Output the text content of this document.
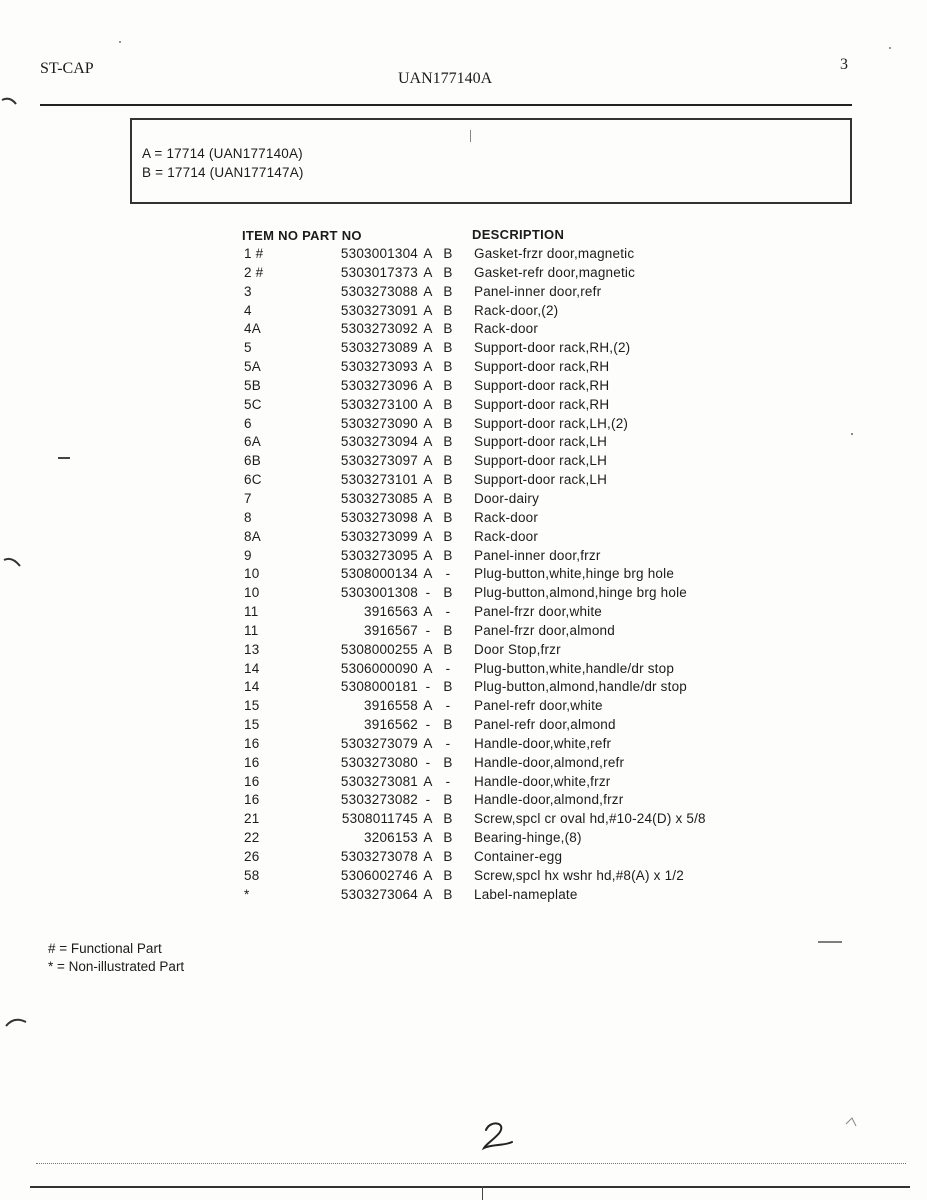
ST-CAP
UAN177140A
3
A = 17714 (UAN177140A)
B = 17714 (UAN177147A)
ITEM NO PART NO	DESCRIPTION
1 #	5303001304 A B Gasket-frzr door,magnetic
2 #	5303017373 A B Gasket-refr door,magnetic
3	5303273088 A B Panel-inner door,refr
4	5303273091 A B Rack-door,(2)
4A	5303273092 A B Rack-door
5	5303273089 A B Support-door rack,RH,(2)
5A	5303273093 A B Support-door rack,RH
5B	5303273096 A B Support-door rack,RH
5C	5303273100 A B Support-door rack,RH
6	5303273090 A B Support-door rack,LH,(2)
6A	5303273094 A B Support-door rack,LH
6B	5303273097 A B Support-door rack,LH
6C	5303273101 A B Support-door rack,LH
7	5303273085 A B Door-dairy
8	5303273098 A B Rack-door
8A	5303273099 A B Rack-door
9	5303273095 A B Panel-inner door,frzr
10	5308000134 A - Plug-button,white,hinge brg hole
10	5303001308 - B Plug-button,almond,hinge brg hole
11	3916563 A - Panel-frzr door,white
11	3916567 - B Panel-frzr door,almond
13	5308000255 A B Door Stop,frzr
14	5306000090 A - Plug-button,white,handle/dr stop
14	5308000181 - B Plug-button,almond,handle/dr stop
15	3916558 A - Panel-refr door,white
15	3916562 - B Panel-refr door,almond
16	5303273079 A - Handle-door,white,refr
16	5303273080 - B Handle-door,almond,refr
16	5303273081 A - Handle-door,white,frzr
16	5303273082 - B Handle-door,almond,frzr
21	5308011745 A B Screw,spcl cr oval hd,#10-24(D) x 5/8
22	3206153 A B Bearing-hinge,(8)
26	5303273078 A B Container-egg
58	5306002746 A B Screw,spcl hx wshr hd,#8(A) x 1/2
*	5303273064 A B Label-nameplate
# = Functional Part
* = Non-illustrated Part
